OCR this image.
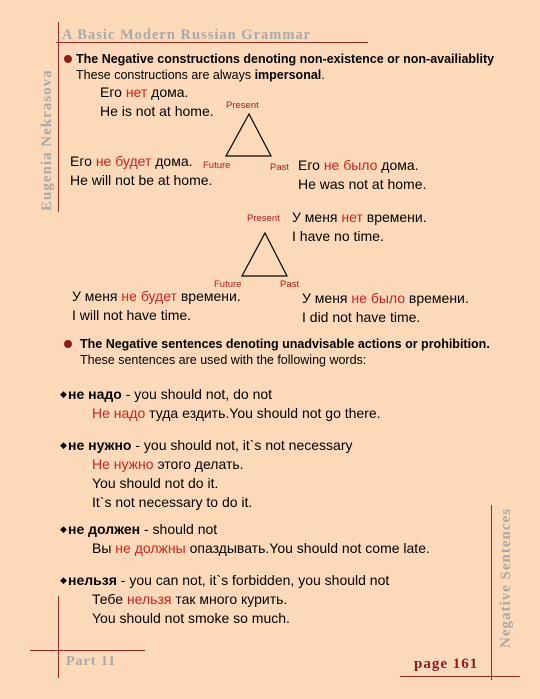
A Basic Modern Russian Grammar
Eugenia Nekrasova
Negative Sentences
Part 11	page 161
The Negative constructions denoting non-existence or non-availiablity
These constructions are always impersonal.
Present
Future	Past
Его нет дома.
He is not at home.
Его не будет дома.
He will not be at home.
Его не было дома.
He was not at home.
Present
Future	Past
У меня нет времени.
I have no time.
У меня не будет времени.
I will not have time.
У меня не было времени.
I did not have time.
The Negative sentences denoting unadvisable actions or prohibition.
These sentences are used with the following words:
◆ не надо - you should not, do not
Не надо туда ездить.You should not go there.
◆ не нужно - you should not, it`s not necessary
Не нужно этого делать.
You should not do it.
It`s not necessary to do it.
◆ не должен - should not
Вы не должны опаздывать.You should not come late.
◆ нельзя - you can not, it`s forbidden, you should not
Тебе нельзя так много курить.
You should not smoke so much.
